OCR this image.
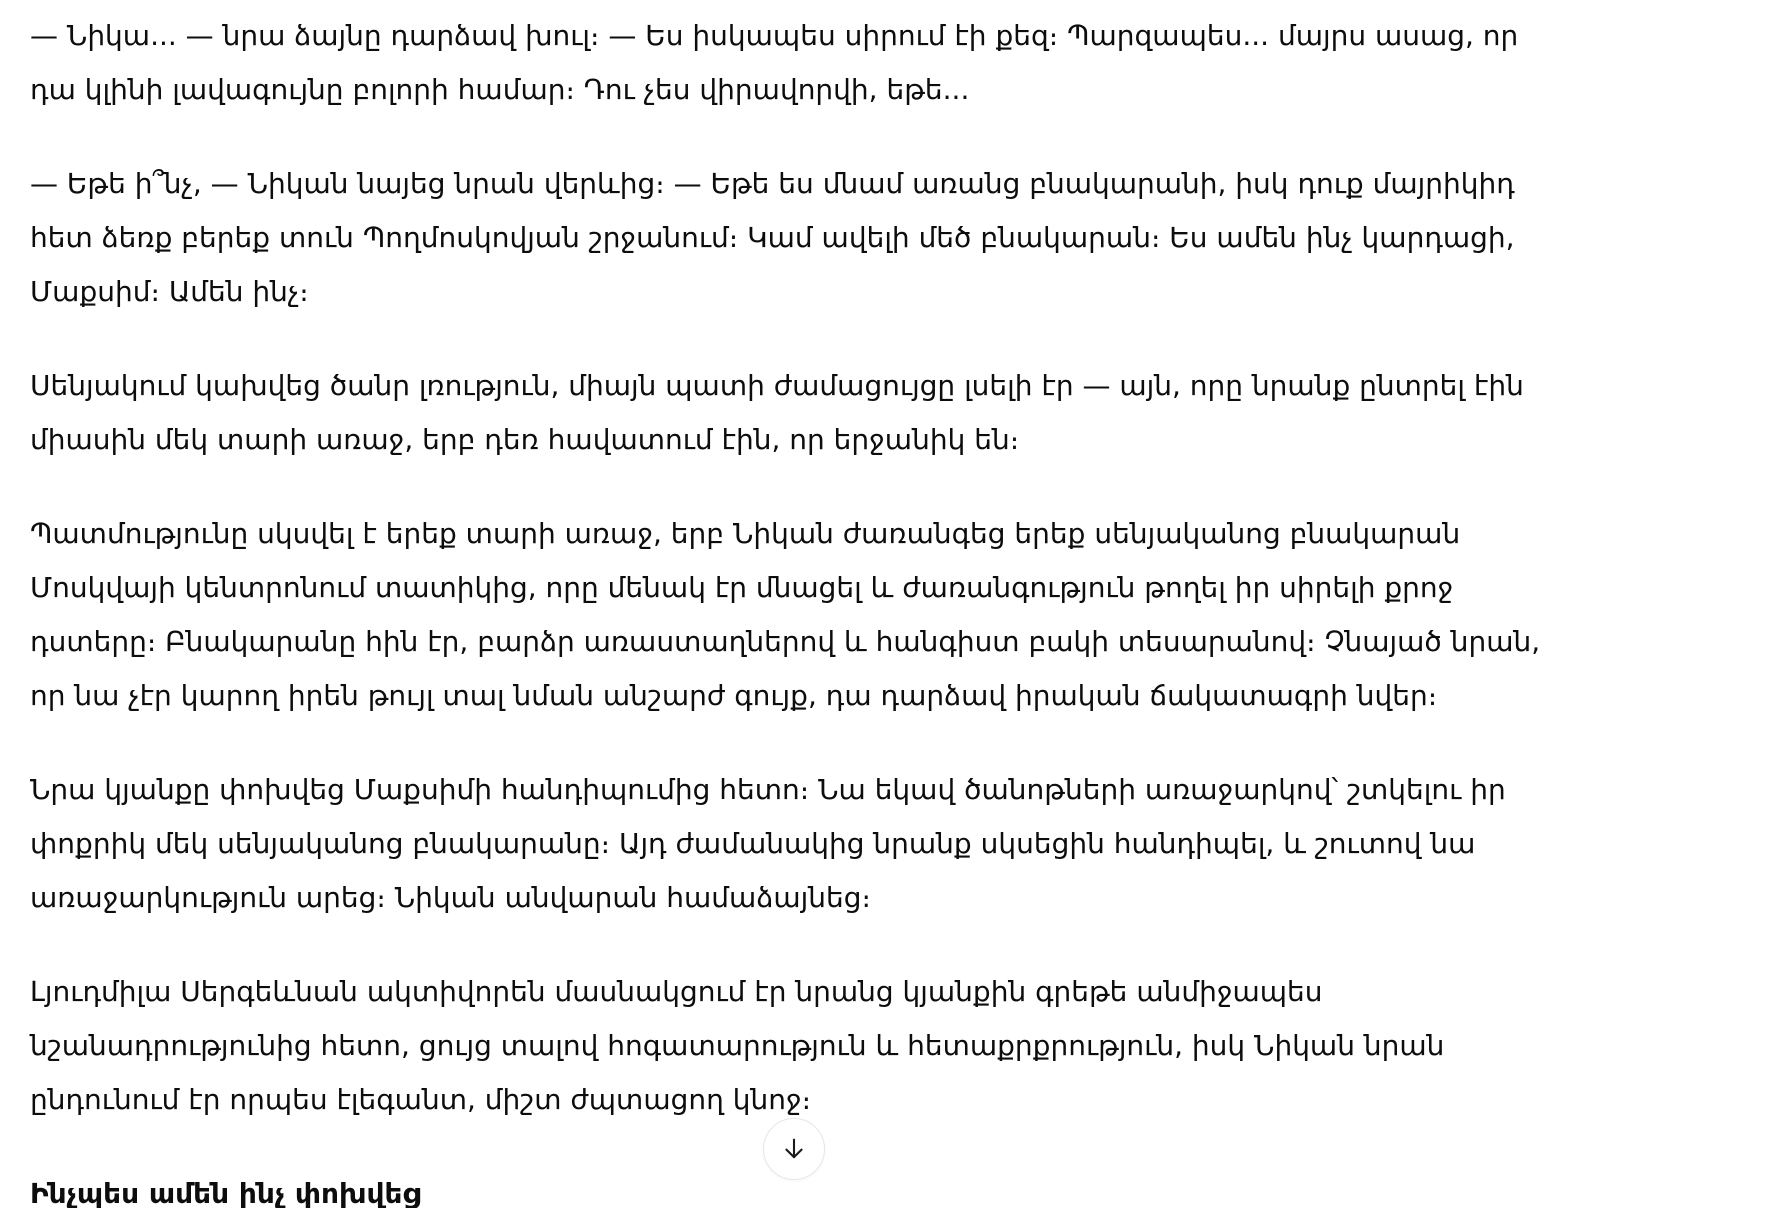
— Նիկա... — նրա ձայնը դարձավ խուլ։ — Ես իսկապես սիրում էի քեզ։ Պարզապես... մայրս ասաց, որ դա կլինի լավագույնը բոլորի համար։ Դու չես վիրավորվի, եթե...

— Եթե ի՞նչ, — Նիկան նայեց նրան վերևից։ — Եթե ես մնամ առանց բնակարանի, իսկ դուք մայրիկիդ հետ ձեռք բերեք տուն Պողմոսկովյան շրջանում։ Կամ ավելի մեծ բնակարան։ Ես ամեն ինչ կարդացի, Մաքսիմ։ Ամեն ինչ։

Սենյակում կախվեց ծանր լռություն, միայն պատի ժամացույցը լսելի էր — այն, որը նրանք ընտրել էին միասին մեկ տարի առաջ, երբ դեռ հավատում էին, որ երջանիկ են։

Պատմությունը սկսվել է երեք տարի առաջ, երբ Նիկան ժառանգեց երեք սենյականոց բնակարան Մոսկվայի կենտրոնում տատիկից, որը մենակ էր մնացել և ժառանգություն թողել իր սիրելի քրոջ դստերը։ Բնակարանը հին էր, բարձր առաստաղներով և հանգիստ բակի տեսարանով։ Չնայած նրան, որ նա չէր կարող իրեն թույլ տալ նման անշարժ գույք, դա դարձավ իրական ճակատագրի նվեր։

Նրա կյանքը փոխվեց Մաքսիմի հանդիպումից հետո։ Նա եկավ ծանոթների առաջարկով՝ շտկելու իր փոքրիկ մեկ սենյականոց բնակարանը։ Այդ ժամանակից նրանք սկսեցին հանդիպել, և շուտով նա առաջարկություն արեց։ Նիկան անվարան համաձայնեց։

Լյուդմիլա Սերգեևնան ակտիվորեն մասնակցում էր նրանց կյանքին գրեթե անմիջապես նշանադրությունից հետո, ցույց տալով հոգատարություն և հետաքրքրություն, իսկ Նիկան նրան ընդունում էր որպես էլեգանտ, միշտ ժպտացող կնոջ։

Ինչպես ամեն ինչ փոխվեց
